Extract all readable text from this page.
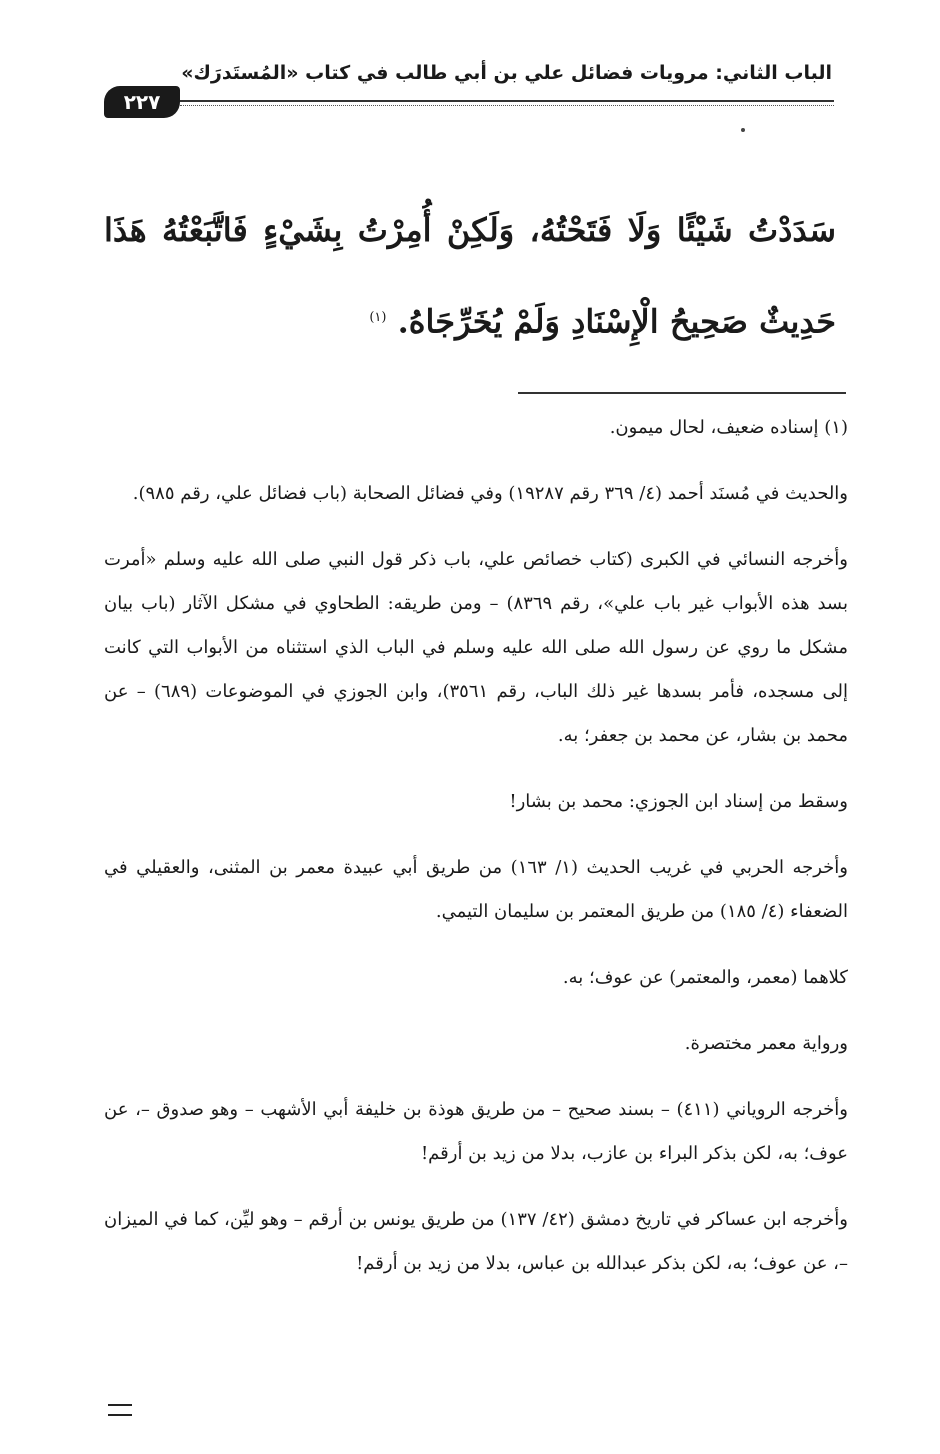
الباب الثاني: مرويات فضائل علي بن أبي طالب في كتاب «المُستَدرَك»
٢٢٧
سَدَدْتُ شَيْئًا وَلَا فَتَحْتُهُ، وَلَكِنْ أُمِرْتُ بِشَيْءٍ فَاتَّبَعْتُهُ هَذَا حَدِيثٌ صَحِيحُ الْإِسْنَادِ وَلَمْ يُخَرِّجَاهُ. $^{(١)}$

(١) إسناده ضعيف، لحال ميمون.

والحديث في مُسنَد أحمد (٤/ ٣٦٩ رقم ١٩٢٨٧) وفي فضائل الصحابة (باب فضائل علي، رقم ٩٨٥).

وأخرجه النسائي في الكبرى (كتاب خصائص علي، باب ذكر قول النبي صلى الله عليه وسلم «أمرت بسد هذه الأبواب غير باب علي»، رقم ٨٣٦٩) – ومن طريقه: الطحاوي في مشكل الآثار (باب بيان مشكل ما روي عن رسول الله صلى الله عليه وسلم في الباب الذي استثناه من الأبواب التي كانت إلى مسجده، فأمر بسدها غير ذلك الباب، رقم ٣٥٦١)، وابن الجوزي في الموضوعات (٦٨٩) – عن محمد بن بشار، عن محمد بن جعفر؛ به.

وسقط من إسناد ابن الجوزي: محمد بن بشار!

وأخرجه الحربي في غريب الحديث (١/ ١٦٣) من طريق أبي عبيدة معمر بن المثنى، والعقيلي في الضعفاء (٤/ ١٨٥) من طريق المعتمر بن سليمان التيمي.

كلاهما (معمر، والمعتمر) عن عوف؛ به.

ورواية معمر مختصرة.

وأخرجه الروياني (٤١١) – بسند صحيح – من طريق هوذة بن خليفة أبي الأشهب – وهو صدوق –، عن عوف؛ به، لكن بذكر البراء بن عازب، بدلا من زيد بن أرقم!

وأخرجه ابن عساكر في تاريخ دمشق (٤٢/ ١٣٧) من طريق يونس بن أرقم – وهو ليِّن، كما في الميزان –، عن عوف؛ به، لكن بذكر عبدالله بن عباس، بدلا من زيد بن أرقم!
